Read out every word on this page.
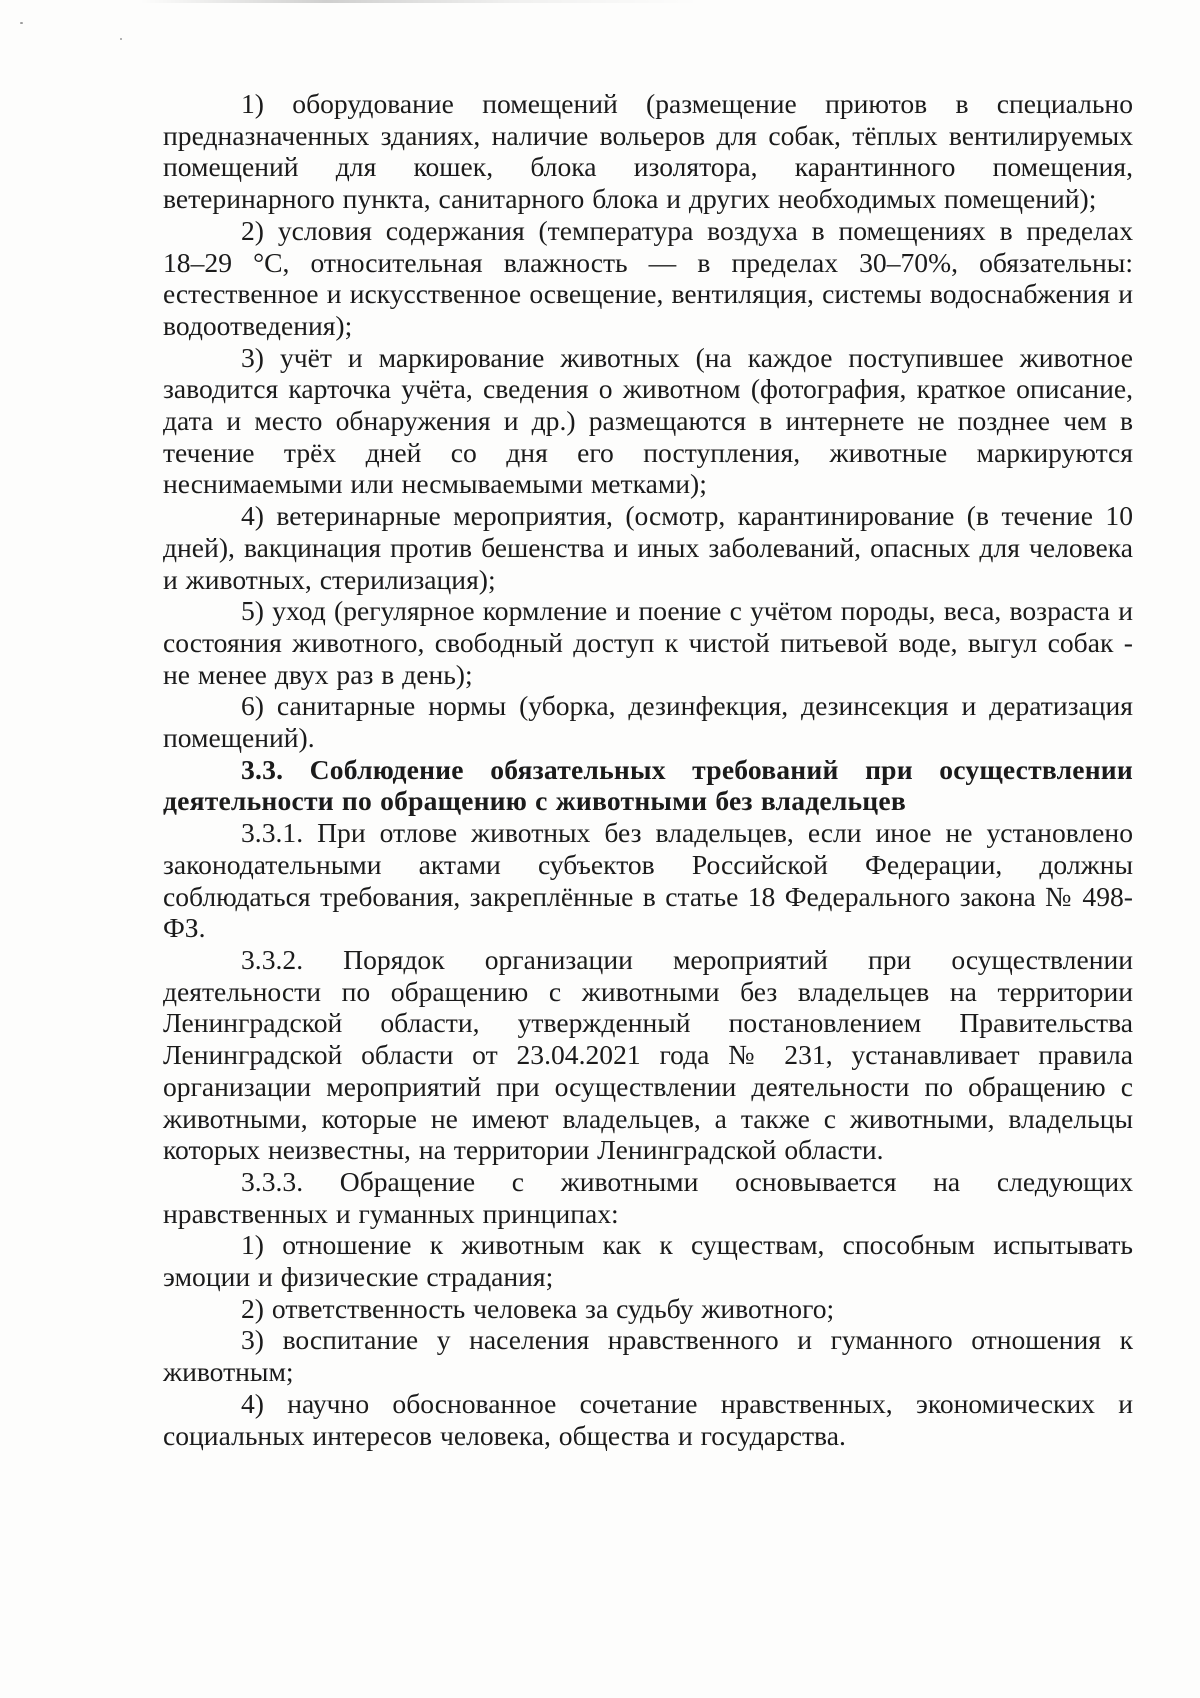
1) оборудование помещений (размещение приютов в специально предназначенных зданиях, наличие вольеров для собак, тёплых вентилируемых помещений для кошек, блока изолятора, карантинного помещения, ветеринарного пункта, санитарного блока и других необходимых помещений);

2) условия содержания (температура воздуха в помещениях в пределах 18–29 °С, относительная влажность — в пределах 30–70%, обязательны: естественное и искусственное освещение, вентиляция, системы водоснабжения и водоотведения);

3) учёт и маркирование животных (на каждое поступившее животное заводится карточка учёта, сведения о животном (фотография, краткое описание, дата и место обнаружения и др.) размещаются в интернете не позднее чем в течение трёх дней со дня его поступления, животные маркируются неснимаемыми или несмываемыми метками);

4) ветеринарные мероприятия, (осмотр, карантинирование (в течение 10 дней), вакцинация против бешенства и иных заболеваний, опасных для человека и животных, стерилизация);

5) уход (регулярное кормление и поение с учётом породы, веса, возраста и состояния животного, свободный доступ к чистой питьевой воде, выгул собак - не менее двух раз в день);

6) санитарные нормы (уборка, дезинфекция, дезинсекция и дератизация помещений).

3.3. Соблюдение обязательных требований при осуществлении деятельности по обращению с животными без владельцев

3.3.1. При отлове животных без владельцев, если иное не установлено законодательными актами субъектов Российской Федерации, должны соблюдаться требования, закреплённые в статье 18 Федерального закона № 498-ФЗ.

3.3.2. Порядок организации мероприятий при осуществлении деятельности по обращению с животными без владельцев на территории Ленинградской области, утвержденный постановлением Правительства Ленинградской области от 23.04.2021 года № 231, устанавливает правила организации мероприятий при осуществлении деятельности по обращению с животными, которые не имеют владельцев, а также с животными, владельцы которых неизвестны, на территории Ленинградской области.

3.3.3. Обращение с животными основывается на следующих нравственных и гуманных принципах:

1) отношение к животным как к существам, способным испытывать эмоции и физические страдания;

2) ответственность человека за судьбу животного;

3) воспитание у населения нравственного и гуманного отношения к животным;

4) научно обоснованное сочетание нравственных, экономических и социальных интересов человека, общества и государства.
